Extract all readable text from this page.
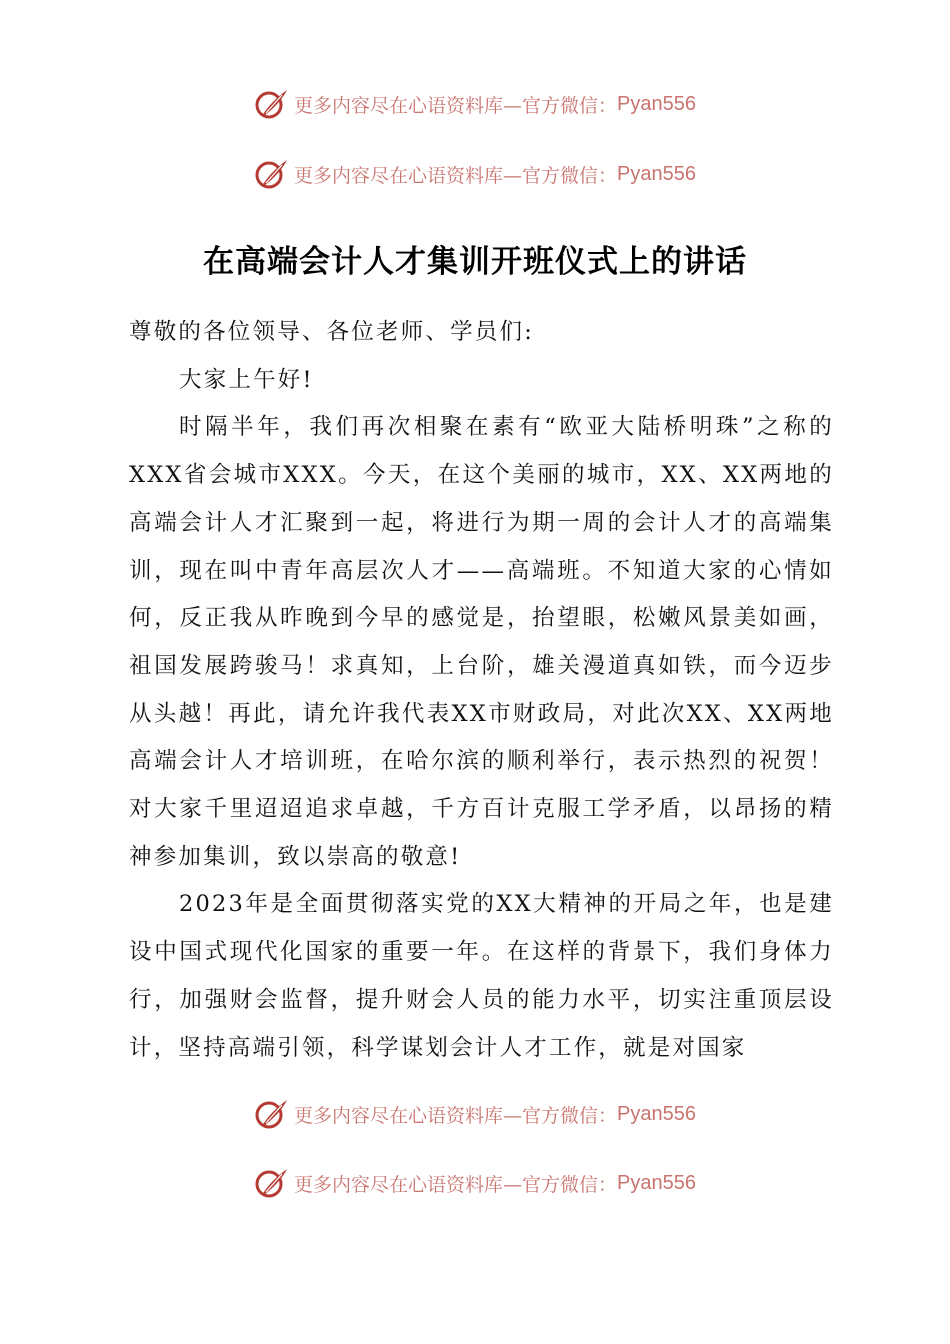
更多内容尽在心语资料库—官方微信： Pyan556
更多内容尽在心语资料库—官方微信： Pyan556
在高端会计人才集训开班仪式上的讲话

尊敬的各位领导、各位老师、学员们:

大家上午好!

时隔半年，我们再次相聚在素有“欧亚大陆桥明珠”之称的XXX省会城市XXX。今天，在这个美丽的城市，XX、XX两地的高端会计人才汇聚到一起，将进行为期一周的会计人才的高端集训，现在叫中青年高层次人才——高端班。不知道大家的心情如何，反正我从昨晚到今早的感觉是，抬望眼，松嫩风景美如画，祖国发展跨骏马！求真知，上台阶，雄关漫道真如铁，而今迈步从头越！再此，请允许我代表XX市财政局，对此次XX、XX两地高端会计人才培训班，在哈尔滨的顺利举行，表示热烈的祝贺！对大家千里迢迢追求卓越，千方百计克服工学矛盾，以昂扬的精神参加集训，致以崇高的敬意!

2023年是全面贯彻落实党的XX大精神的开局之年，也是建设中国式现代化国家的重要一年。在这样的背景下，我们身体力行，加强财会监督，提升财会人员的能力水平，切实注重顶层设计，坚持高端引领，科学谋划会计人才工作，就是对国家

更多内容尽在心语资料库—官方微信： Pyan556
更多内容尽在心语资料库—官方微信： Pyan556
